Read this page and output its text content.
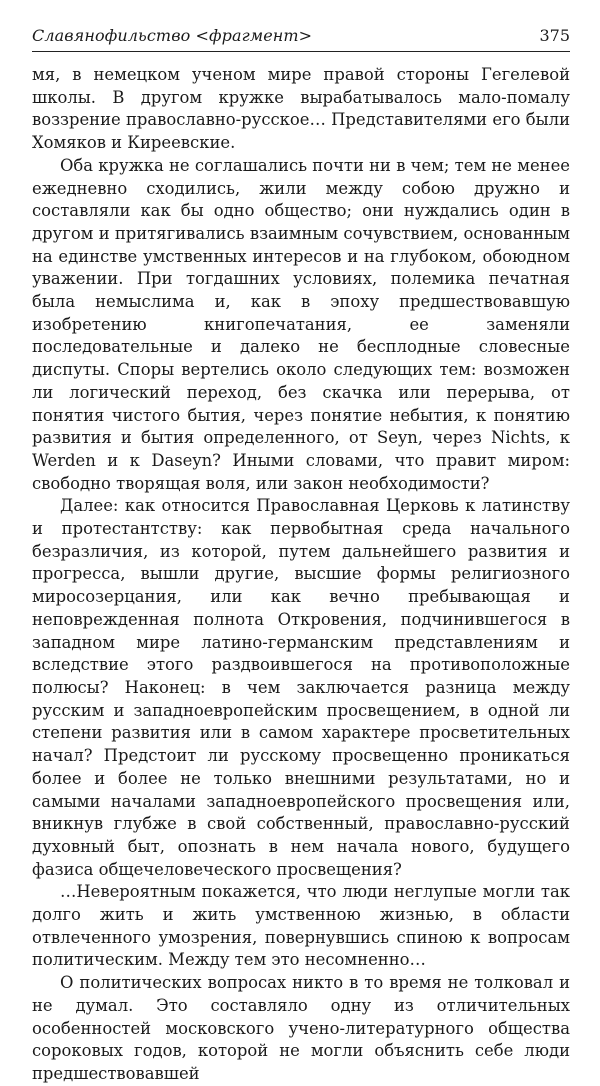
Славянофильство <фрагмент>	375

мя, в немецком ученом мире правой стороны Гегелевой школы. В другом кружке вырабатывалось мало-помалу воззрение православно-русское… Представителями его были Хомяков и Киреевские.

Оба кружка не соглашались почти ни в чем; тем не менее ежедневно сходились, жили между собою дружно и составляли как бы одно общество; они нуждались один в другом и притягивались взаимным сочувствием, основанным на единстве умственных интересов и на глубоком, обоюдном уважении. При тогдашних условиях, полемика печатная была немыслима и, как в эпоху предшествовавшую изобретению книгопечатания, ее заменяли последовательные и далеко не бесплодные словесные диспуты. Споры вертелись около следующих тем: возможен ли логический переход, без скачка или перерыва, от понятия чистого бытия, через понятие небытия, к понятию развития и бытия определенного, от Seyn, через Nichts, к Werden и к Daseyn? Иными словами, что правит миром: свободно творящая воля, или закон необходимости?

Далее: как относится Православная Церковь к латинству и протестантству: как первобытная среда начального безразличия, из которой, путем дальнейшего развития и прогресса, вышли другие, высшие формы религиозного миросозерцания, или как вечно пребывающая и неповрежденная полнота Откровения, подчинившегося в западном мире латино-германским представлениям и вследствие этого раздвоившегося на противоположные полюсы? Наконец: в чем заключается разница между русским и западноевропейским просвещением, в одной ли степени развития или в самом характере просветительных начал? Предстоит ли русскому просвещенно проникаться более и более не только внешними результатами, но и самыми началами западноевропейского просвещения или, вникнув глубже в свой собственный, православно-русский духовный быт, опознать в нем начала нового, будущего фазиса общечеловеческого просвещения?

…Невероятным покажется, что люди неглупые могли так долго жить и жить умственною жизнью, в области отвлеченного умозрения, повернувшись спиною к вопросам политическим. Между тем это несомненно…

О политических вопросах никто в то время не толковал и не думал. Это составляло одну из отличительных особенностей московского учено-литературного общества сороковых годов, которой не могли объяснить себе люди предшествовавшей
